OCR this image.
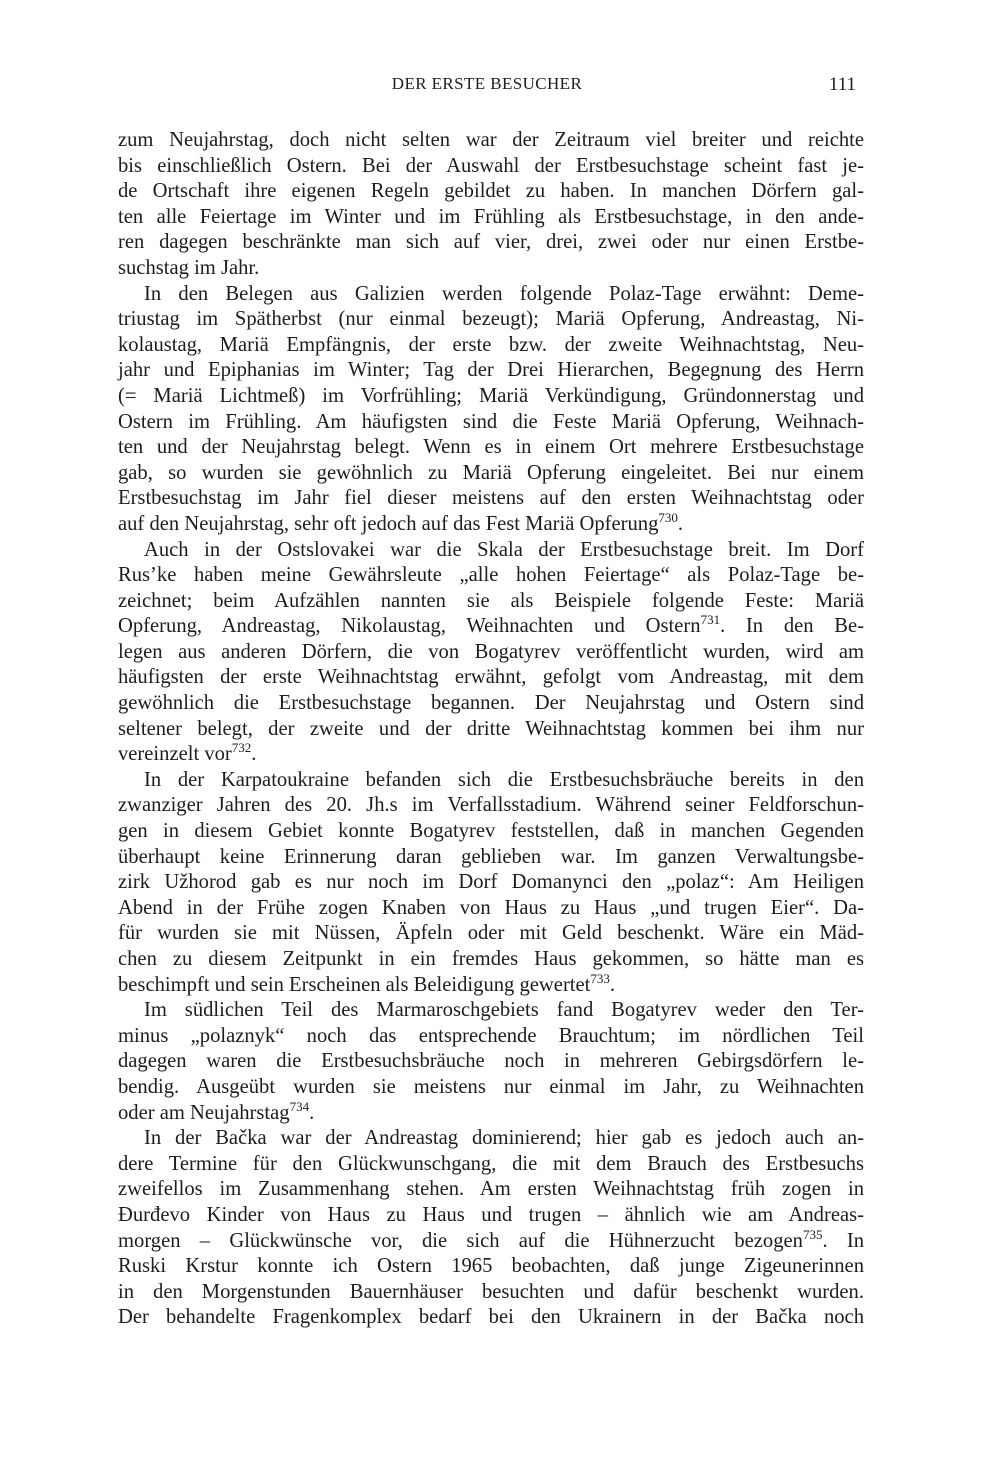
DER ERSTE BESUCHER	111
zum Neujahrstag, doch nicht selten war der Zeitraum viel breiter und reichte
bis einschließlich Ostern. Bei der Auswahl der Erstbesuchstage scheint fast je-
de Ortschaft ihre eigenen Regeln gebildet zu haben. In manchen Dörfern gal-
ten alle Feiertage im Winter und im Frühling als Erstbesuchstage, in den ande-
ren dagegen beschränkte man sich auf vier, drei, zwei oder nur einen Erstbe-
suchstag im Jahr.
In den Belegen aus Galizien werden folgende Polaz-Tage erwähnt: Deme-
triustag im Spätherbst (nur einmal bezeugt); Mariä Opferung, Andreastag, Ni-
kolaustag, Mariä Empfängnis, der erste bzw. der zweite Weihnachtstag, Neu-
jahr und Epiphanias im Winter; Tag der Drei Hierarchen, Begegnung des Herrn
(= Mariä Lichtmeß) im Vorfrühling; Mariä Verkündigung, Gründonnerstag und
Ostern im Frühling. Am häufigsten sind die Feste Mariä Opferung, Weihnach-
ten und der Neujahrstag belegt. Wenn es in einem Ort mehrere Erstbesuchstage
gab, so wurden sie gewöhnlich zu Mariä Opferung eingeleitet. Bei nur einem
Erstbesuchstag im Jahr fiel dieser meistens auf den ersten Weihnachtstag oder
auf den Neujahrstag, sehr oft jedoch auf das Fest Mariä Opferung$^{730}$.
Auch in der Ostslovakei war die Skala der Erstbesuchstage breit. Im Dorf
Rus’ke haben meine Gewährsleute „alle hohen Feiertage“ als Polaz-Tage be-
zeichnet; beim Aufzählen nannten sie als Beispiele folgende Feste: Mariä
Opferung, Andreastag, Nikolaustag, Weihnachten und Ostern$^{731}$. In den Be-
legen aus anderen Dörfern, die von Bogatyrev veröffentlicht wurden, wird am
häufigsten der erste Weihnachtstag erwähnt, gefolgt vom Andreastag, mit dem
gewöhnlich die Erstbesuchstage begannen. Der Neujahrstag und Ostern sind
seltener belegt, der zweite und der dritte Weihnachtstag kommen bei ihm nur
vereinzelt vor$^{732}$.
In der Karpatoukraine befanden sich die Erstbesuchsbräuche bereits in den
zwanziger Jahren des 20. Jh.s im Verfallsstadium. Während seiner Feldforschun-
gen in diesem Gebiet konnte Bogatyrev feststellen, daß in manchen Gegenden
überhaupt keine Erinnerung daran geblieben war. Im ganzen Verwaltungsbe-
zirk Užhorod gab es nur noch im Dorf Domanynci den „polaz“: Am Heiligen
Abend in der Frühe zogen Knaben von Haus zu Haus „und trugen Eier“. Da-
für wurden sie mit Nüssen, Äpfeln oder mit Geld beschenkt. Wäre ein Mäd-
chen zu diesem Zeitpunkt in ein fremdes Haus gekommen, so hätte man es
beschimpft und sein Erscheinen als Beleidigung gewertet$^{733}$.
Im südlichen Teil des Marmaroschgebiets fand Bogatyrev weder den Ter-
minus „polaznyk“ noch das entsprechende Brauchtum; im nördlichen Teil
dagegen waren die Erstbesuchsbräuche noch in mehreren Gebirgsdörfern le-
bendig. Ausgeübt wurden sie meistens nur einmal im Jahr, zu Weihnachten
oder am Neujahrstag$^{734}$.
In der Bačka war der Andreastag dominierend; hier gab es jedoch auch an-
dere Termine für den Glückwunschgang, die mit dem Brauch des Erstbesuchs
zweifellos im Zusammenhang stehen. Am ersten Weihnachtstag früh zogen in
Đurđevo Kinder von Haus zu Haus und trugen – ähnlich wie am Andreas-
morgen – Glückwünsche vor, die sich auf die Hühnerzucht bezogen$^{735}$. In
Ruski Krstur konnte ich Ostern 1965 beobachten, daß junge Zigeunerinnen
in den Morgenstunden Bauernhäuser besuchten und dafür beschenkt wurden.
Der behandelte Fragenkomplex bedarf bei den Ukrainern in der Bačka noch
